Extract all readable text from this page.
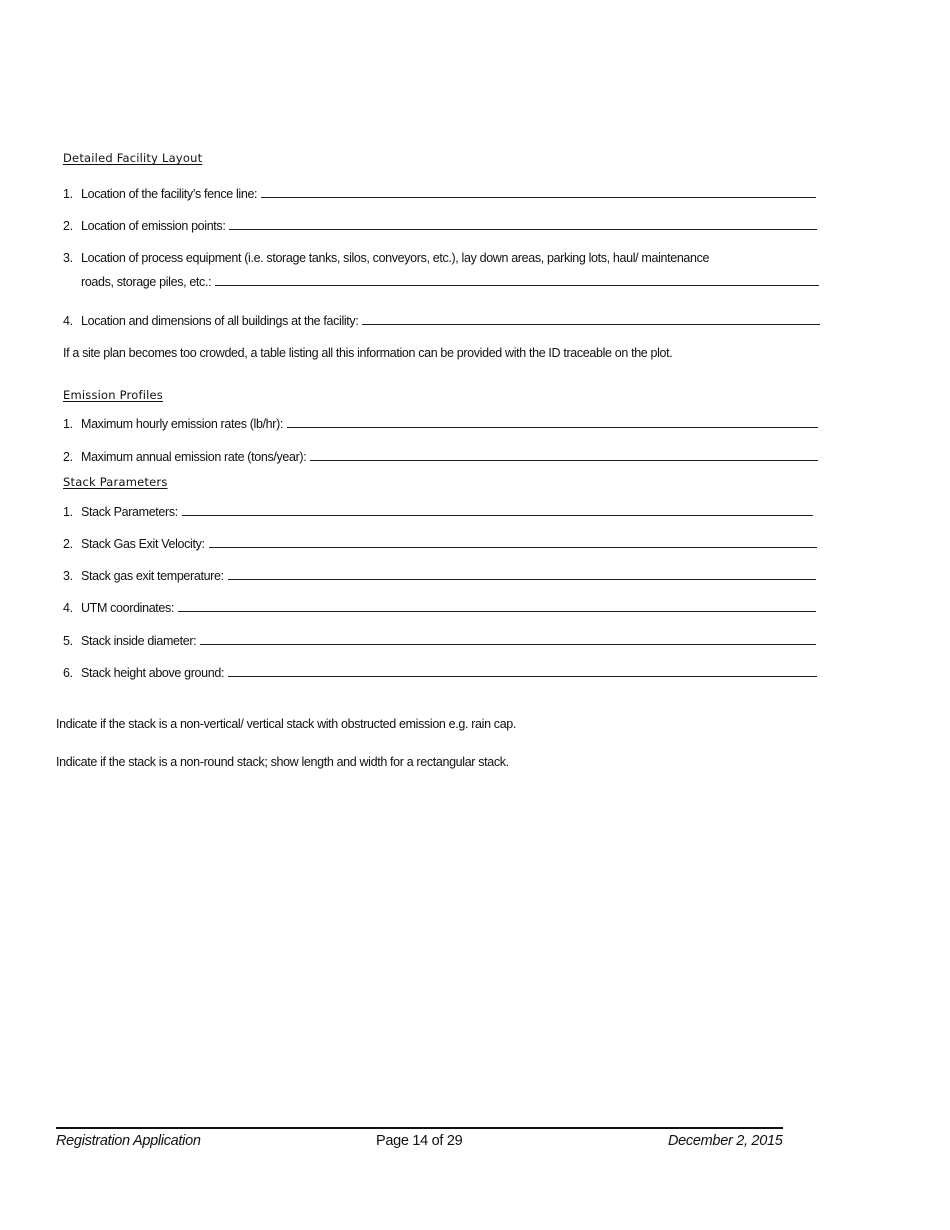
Detailed Facility Layout
1. Location of the facility’s fence line:
2. Location of emission points:
3. Location of process equipment (i.e. storage tanks, silos, conveyors, etc.), lay down areas, parking lots, haul/ maintenance
roads, storage piles, etc.:
4. Location and dimensions of all buildings at the facility:
If a site plan becomes too crowded, a table listing all this information can be provided with the ID traceable on the plot.
Emission Profiles
1. Maximum hourly emission rates (lb/hr):
2. Maximum annual emission rate (tons/year):
Stack Parameters
1. Stack Parameters:
2. Stack Gas Exit Velocity:
3. Stack gas exit temperature:
4. UTM coordinates:
5. Stack inside diameter:
6. Stack height above ground:
Indicate if the stack is a non-vertical/ vertical stack with obstructed emission e.g. rain cap.
Indicate if the stack is a non-round stack; show length and width for a rectangular stack.
Registration Application	Page 14 of 29	December 2, 2015
